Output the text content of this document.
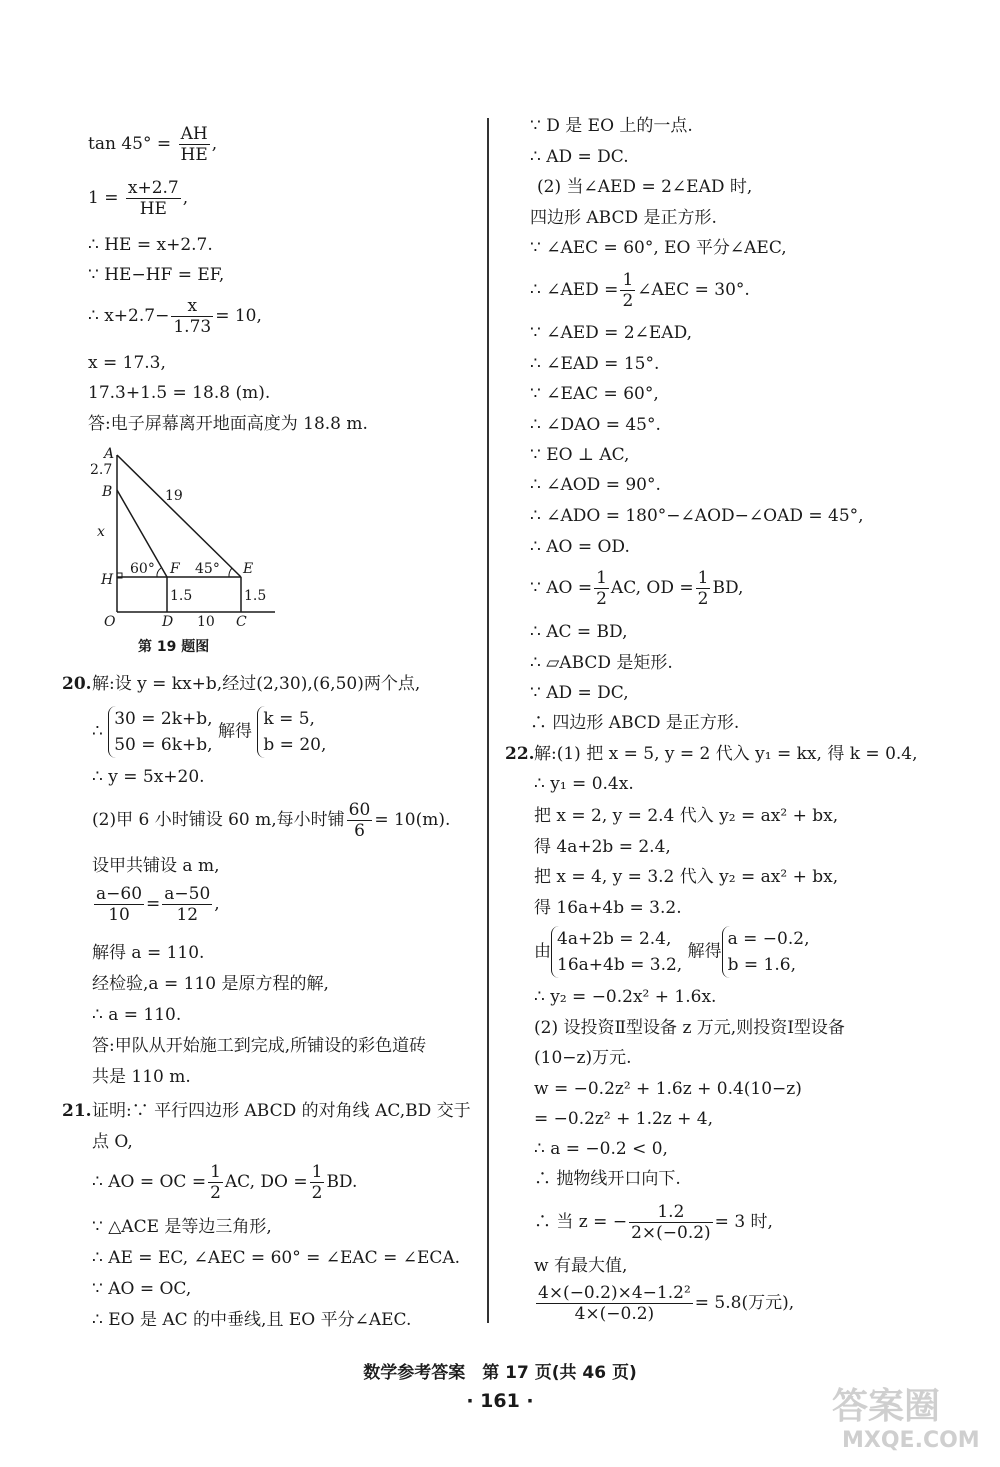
$\tan 45^\circ = \frac{AH}{HE}$ ,
$1 = \frac{x+2.7}{HE}$ ,
∴ HE = x+2.7.
∵ HE−HF = EF,
∴ $x+2.7- \frac{x}{1.73} = 10$,
x = 17.3,
17.3+1.5 = 18.8 (m).
答:电子屏幕离开地面高度为 18.8 m.
A
2.7
B	19
x
H
60° F 45° E
1.5	1.5
O	D 10 C
第 19 题图
20. 解:设 y = kx+b,经过(2,30),(6,50)两个点,
∴
30 = 2k+b,
50 = 6k+b,
解得
k = 5,
b = 20,
∴ y = 5x+20.
(2)甲 6 小时铺设 60 m,每小时铺 $\frac{60}{6} = 10(m)$.
设甲共铺设 a m,
$\frac{a-60}{10} = \frac{a-50}{12}$ ,
解得 a = 110.
经检验,a = 110 是原方程的解,
∴ a = 110.
答:甲队从开始施工到完成,所铺设的彩色道砖
共是 110 m.
21. 证明:∵ 平行四边形 ABCD 的对角线 AC,BD 交于
点 O,
∴ AO = OC = $\frac{1}{2}$ AC, DO = $\frac{1}{2}$ BD.
∵ △ACE 是等边三角形,
∴ AE = EC, ∠AEC = 60° = ∠EAC = ∠ECA.
∵ AO = OC,
∴ EO 是 AC 的中垂线,且 EO 平分∠AEC.
∵ D 是 EO 上的一点.
∴ AD = DC.
(2) 当∠AED = 2∠EAD 时,
四边形 ABCD 是正方形.
∵ ∠AEC = 60°, EO 平分∠AEC,
∴ ∠AED = $\frac{1}{2}$ ∠AEC = 30°.
∵ ∠AED = 2∠EAD,
∴ ∠EAD = 15°.
∵ ∠EAC = 60°,
∴ ∠DAO = 45°.
∵ EO ⊥ AC,
∴ ∠AOD = 90°.
∴ ∠ADO = 180°−∠AOD−∠OAD = 45°,
∴ AO = OD.
∵ AO = $\frac{1}{2}$ AC, OD = $\frac{1}{2}$ BD,
∴ AC = BD,
∴ ▱ABCD 是矩形.
∵ AD = DC,
∴ 四边形 ABCD 是正方形.
22. 解:(1) 把 x = 5, y = 2 代入 y₁ = kx, 得 k = 0.4,
∴ y₁ = 0.4x.
把 x = 2, y = 2.4 代入 y₂ = ax² + bx,
得 4a+2b = 2.4,
把 x = 4, y = 3.2 代入 y₂ = ax² + bx,
得 16a+4b = 3.2.
由
4a+2b = 2.4,
16a+4b = 3.2,
解得
a = −0.2,
b = 1.6,
∴ y₂ = −0.2x² + 1.6x.
(2) 设投资Ⅱ型设备 z 万元,则投资Ⅰ型设备
(10−z)万元.
w = −0.2z² + 1.6z + 0.4(10−z)
= −0.2z² + 1.2z + 4,
∴ a = −0.2 < 0,
∴ 抛物线开口向下.
∴ 当 z = − $\frac{1.2}{2\times(-0.2)} = 3$ 时,
w 有最大值,
$\frac{\text{4×(−0.2)×4−1.2²}}{4\times(-0.2)} = 5.8$(万元),
数学参考答案　第 17 页(共 46 页)
· 161 ·	答案圈
MXQE.COM
